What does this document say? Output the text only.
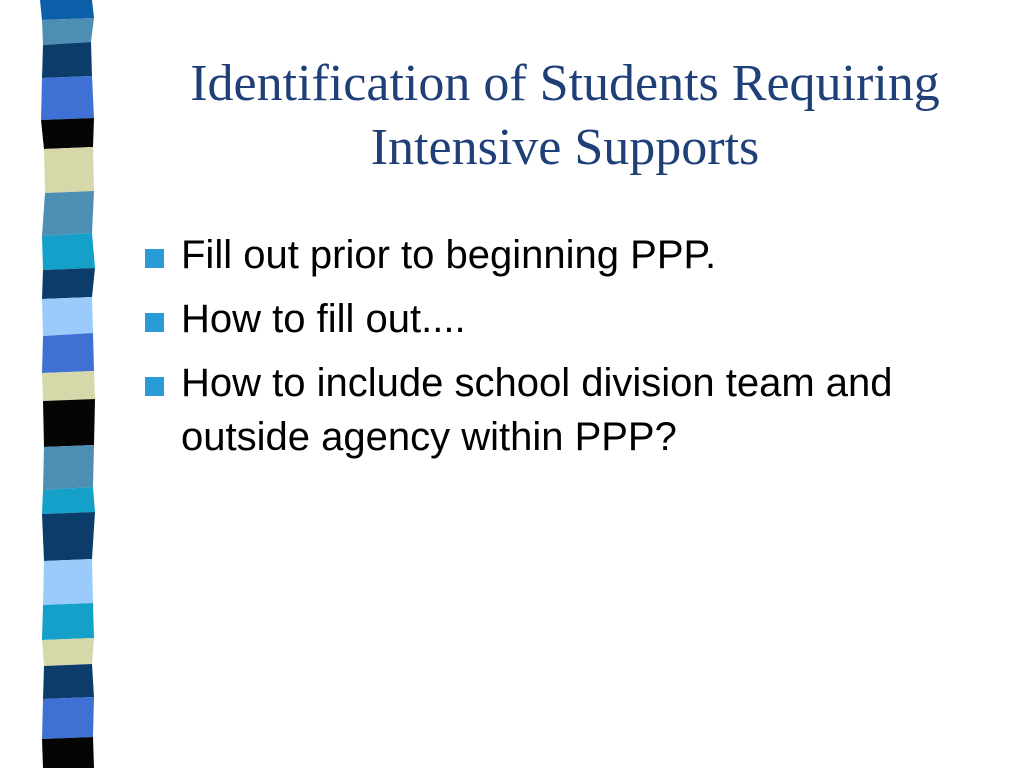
Identification of Students Requiring Intensive Supports
Fill out prior to beginning PPP.
How to fill out....
How to include school division team and outside agency within PPP?
